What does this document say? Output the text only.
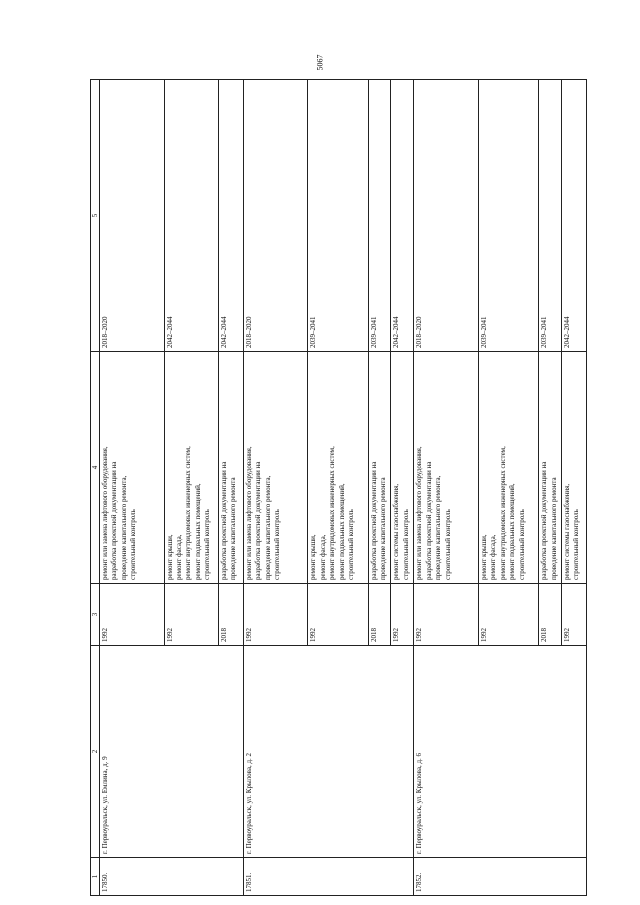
5067
1	2	3	4	5
17850.	г. Первоуральск, ул. Емлина, д. 9	1992	ремонт или замена лифтового оборудования, разработка проектной документации на проведение капитального ремонта, строительный контроль	2018–2020
		1992	ремонт крыши, ремонт фасада, ремонт внутридомовых инженерных систем, ремонт подвальных помещений, строительный контроль	2042–2044
		2018	разработка проектной документации на проведение капитального ремонта	2042–2044
17851.	г. Первоуральск, ул. Крылова, д. 2	1992	ремонт или замена лифтового оборудования, разработка проектной документации на проведение капитального ремонта, строительный контроль	2018–2020
		1992	ремонт крыши, ремонт фасада, ремонт внутридомовых инженерных систем, ремонт подвальных помещений, строительный контроль	2039–2041
		2018	разработка проектной документации на проведение капитального ремонта	2039–2041
		1992	ремонт системы газоснабжения, строительный контроль	2042–2044
17852.	г. Первоуральск, ул. Крылова, д. 6	1992	ремонт или замена лифтового оборудования, разработка проектной документации на проведение капитального ремонта, строительный контроль	2018–2020
		1992	ремонт крыши, ремонт фасада, ремонт внутридомовых инженерных систем, ремонт подвальных помещений, строительный контроль	2039–2041
		2018	разработка проектной документации на проведение капитального ремонта	2039–2041
		1992	ремонт системы газоснабжения, строительный контроль	2042–2044
